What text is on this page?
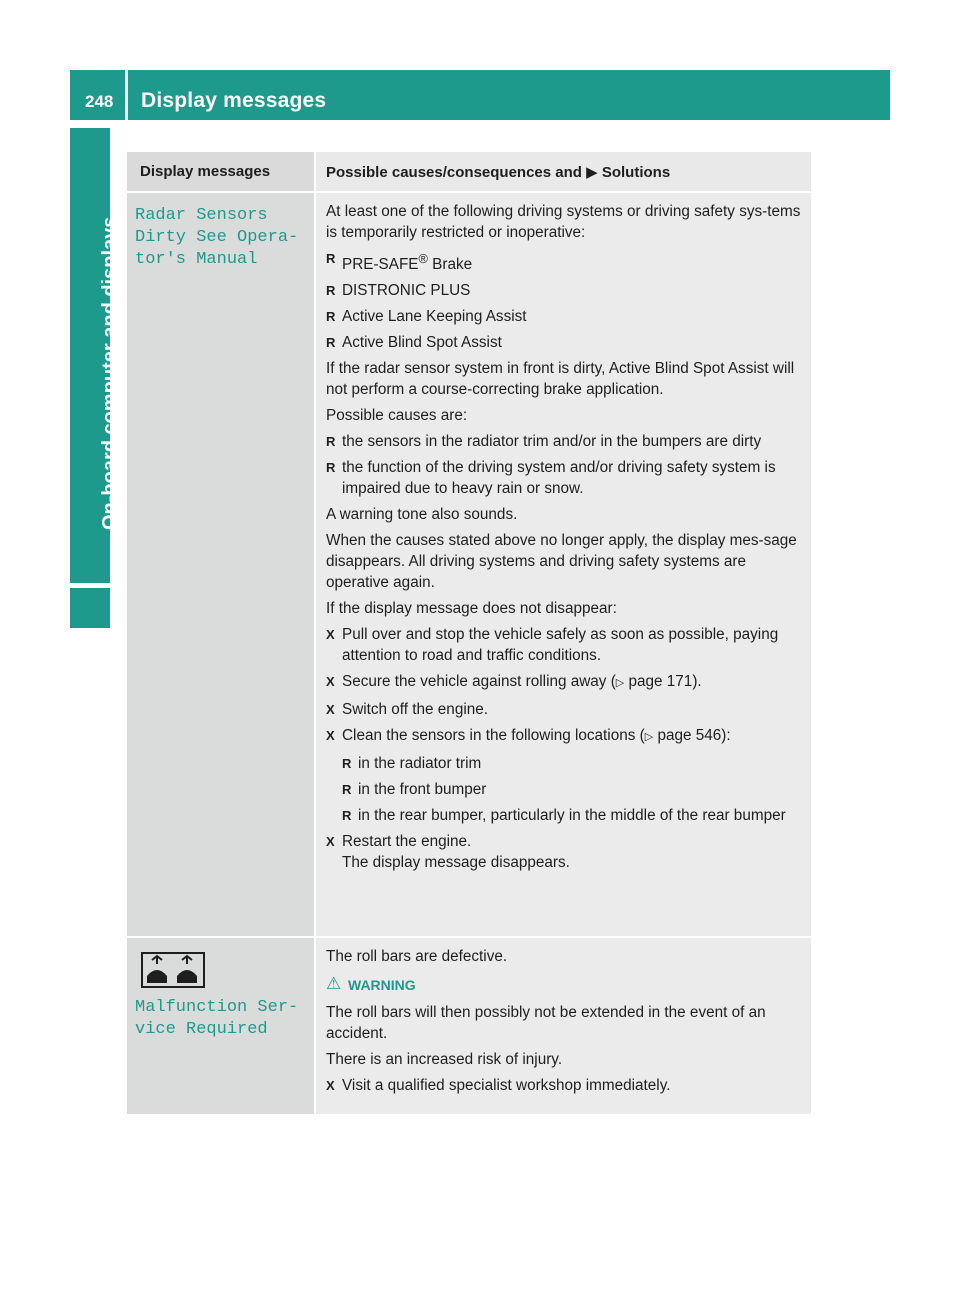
248 Display messages
On-board computer and displays
Display messages	Possible causes/consequences and ▶ Solutions
Radar Sensors
Dirty See Opera‐
tor's Manual

At least one of the following driving systems or driving safety sys-tems is temporarily restricted or inoperative:

R PRE-SAFE® Brake
R DISTRONIC PLUS
R Active Lane Keeping Assist
R Active Blind Spot Assist

If the radar sensor system in front is dirty, Active Blind Spot Assist will not perform a course-correcting brake application.

Possible causes are:

R the sensors in the radiator trim and/or in the bumpers are dirty
R the function of the driving system and/or driving safety system is impaired due to heavy rain or snow.

A warning tone also sounds.

When the causes stated above no longer apply, the display mes-sage disappears. All driving systems and driving safety systems are operative again.

If the display message does not disappear:

X Pull over and stop the vehicle safely as soon as possible, paying attention to road and traffic conditions.
X Secure the vehicle against rolling away (▷ page 171).
X Switch off the engine.
X Clean the sensors in the following locations (▷ page 546):
R in the radiator trim
R in the front bumper
R in the rear bumper, particularly in the middle of the rear bumper
X Restart the engine.
The display message disappears.
Malfunction Ser‐
vice Required

The roll bars are defective.

⚠ WARNING

The roll bars will then possibly not be extended in the event of an accident.

There is an increased risk of injury.

X Visit a qualified specialist workshop immediately.
